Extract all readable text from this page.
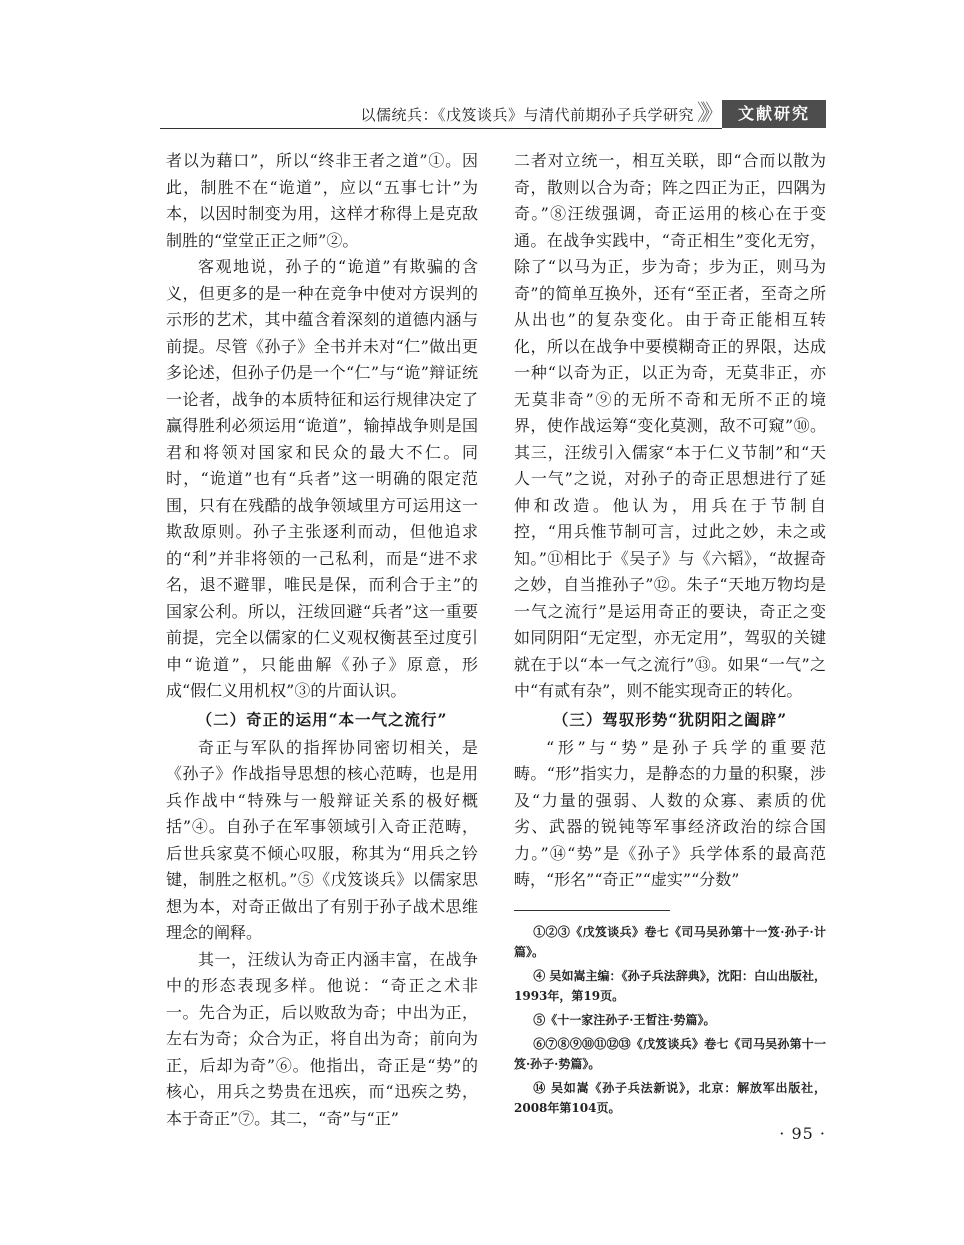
以儒统兵：《戊笈谈兵》与清代前期孙子兵学研究 》》	文献研究

者以为藉口”，所以“终非王者之道”①。因此，制胜不在“诡道”，应以“五事七计”为本，以因时制变为用，这样才称得上是克敌制胜的“堂堂正正之师”②。

客观地说，孙子的“诡道”有欺骗的含义，但更多的是一种在竞争中使对方误判的示形的艺术，其中蕴含着深刻的道德内涵与前提。尽管《孙子》全书并未对“仁”做出更多论述，但孙子仍是一个“仁”与“诡”辩证统一论者，战争的本质特征和运行规律决定了赢得胜利必须运用“诡道”，输掉战争则是国君和将领对国家和民众的最大不仁。同时，“诡道”也有“兵者”这一明确的限定范围，只有在残酷的战争领域里方可运用这一欺敌原则。孙子主张逐利而动，但他追求的“利”并非将领的一己私利，而是“进不求名，退不避罪，唯民是保，而利合于主”的国家公利。所以，汪绂回避“兵者”这一重要前提，完全以儒家的仁义观权衡甚至过度引申“诡道”，只能曲解《孙子》原意，形成“假仁义用机权”③的片面认识。

（二）奇正的运用“本一气之流行”

奇正与军队的指挥协同密切相关，是《孙子》作战指导思想的核心范畴，也是用兵作战中“特殊与一般辩证关系的极好概括”④。自孙子在军事领域引入奇正范畴，后世兵家莫不倾心叹服，称其为“用兵之钤键，制胜之枢机。”⑤《戊笈谈兵》以儒家思想为本，对奇正做出了有别于孙子战术思维理念的阐释。

其一，汪绂认为奇正内涵丰富，在战争中的形态表现多样。他说：“奇正之术非一。先合为正，后以败敌为奇；中出为正，左右为奇；众合为正，将自出为奇；前向为正，后却为奇”⑥。他指出，奇正是“势”的核心，用兵之势贵在迅疾，而“迅疾之势，本于奇正”⑦。其二，“奇”与“正”

二者对立统一，相互关联，即“合而以散为奇，散则以合为奇；阵之四正为正，四隅为奇。”⑧汪绂强调，奇正运用的核心在于变通。在战争实践中，“奇正相生”变化无穷，除了“以马为正，步为奇；步为正，则马为奇”的简单互换外，还有“至正者，至奇之所从出也”的复杂变化。由于奇正能相互转化，所以在战争中要模糊奇正的界限，达成一种“以奇为正，以正为奇，无莫非正，亦无莫非奇”⑨的无所不奇和无所不正的境界，使作战运筹“变化莫测，敌不可窥”⑩。其三，汪绂引入儒家“本于仁义节制”和“天人一气”之说，对孙子的奇正思想进行了延伸和改造。他认为，用兵在于节制自控，“用兵惟节制可言，过此之妙，未之或知。”⑪相比于《吴子》与《六韬》，“故握奇之妙，自当推孙子”⑫。朱子“天地万物均是一气之流行”是运用奇正的要诀，奇正之变如同阴阳“无定型，亦无定用”，驾驭的关键就在于以“本一气之流行”⑬。如果“一气”之中“有贰有杂”，则不能实现奇正的转化。

（三）驾驭形势“犹阴阳之阖辟”

“形”与“势”是孙子兵学的重要范畴。“形”指实力，是静态的力量的积聚，涉及“力量的强弱、人数的众寡、素质的优劣、武器的锐钝等军事经济政治的综合国力。”⑭“势”是《孙子》兵学体系的最高范畴，“形名”“奇正”“虚实”“分数”

①②③《戊笈谈兵》卷七《司马吴孙第十一笈·孙子·计篇》。

④ 吴如嵩主编：《孙子兵法辞典》，沈阳：白山出版社，1993年，第19页。

⑤《十一家注孙子·王晳注·势篇》。

⑥⑦⑧⑨⑩⑪⑫⑬《戊笈谈兵》卷七《司马吴孙第十一笈·孙子·势篇》。

⑭ 吴如嵩《孙子兵法新说》，北京：解放军出版社，2008年第104页。

· 95 ·
